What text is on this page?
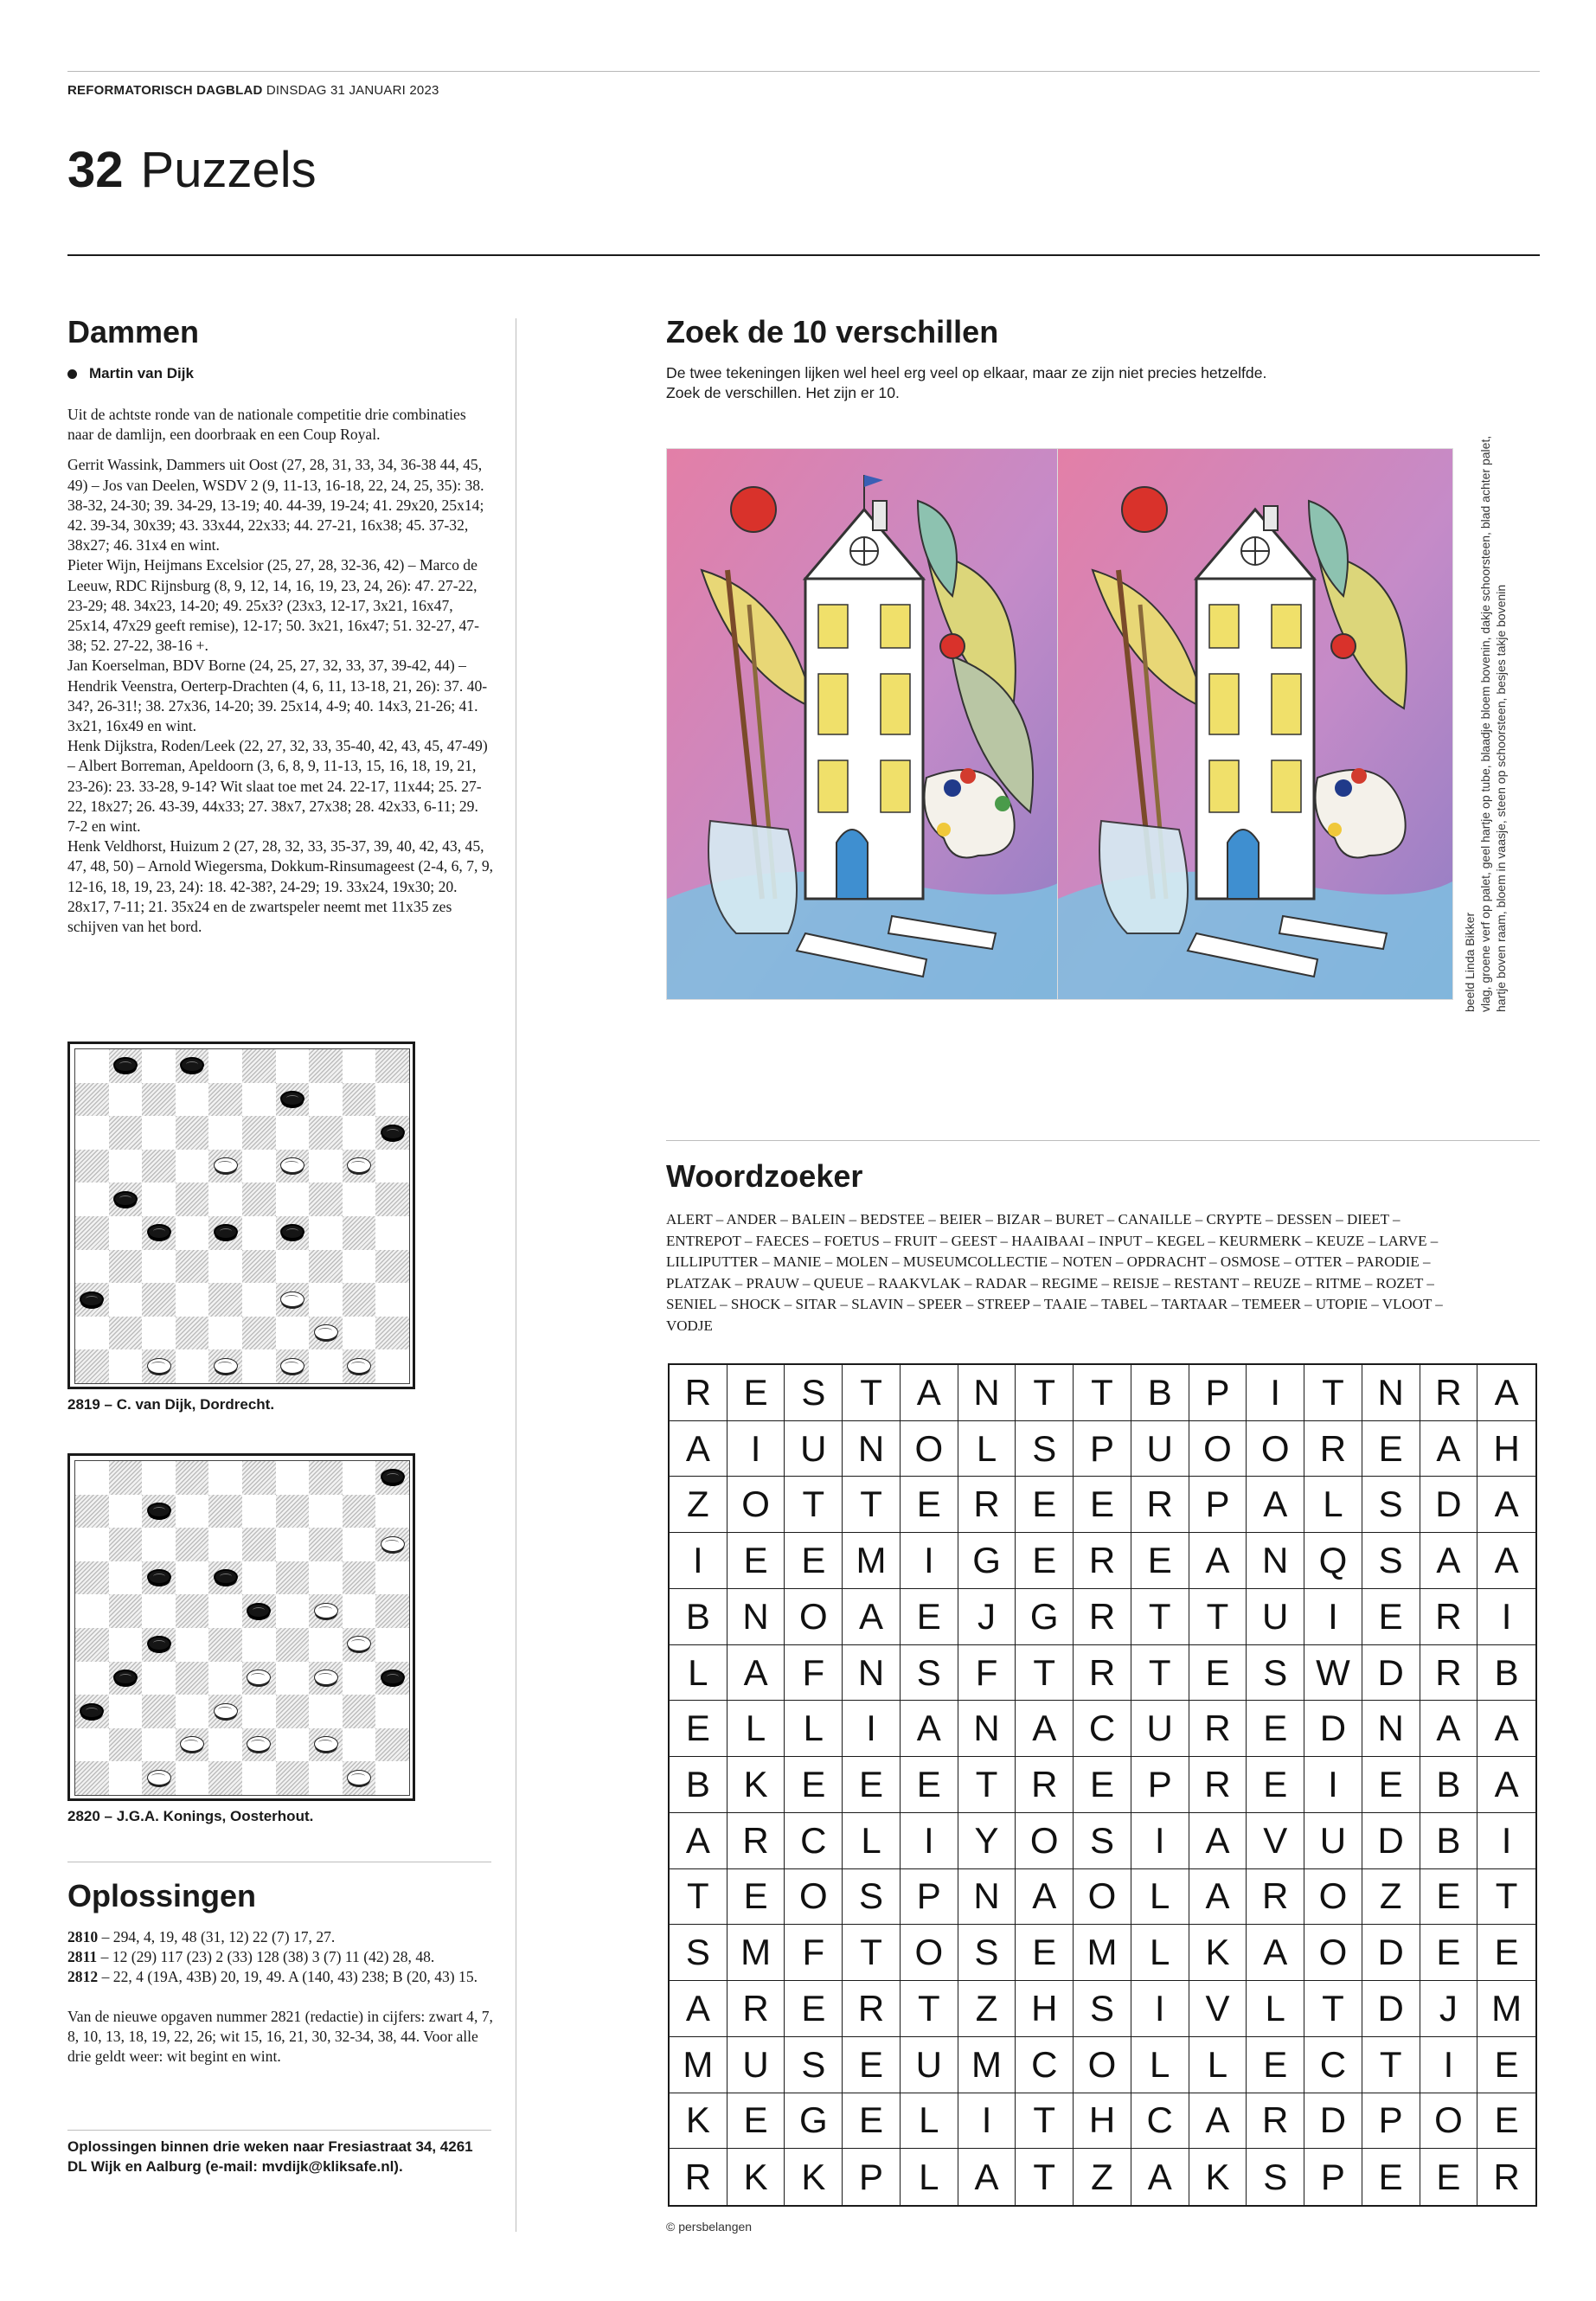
REFORMATORISCH DAGBLAD DINSDAG 31 JANUARI 2023
32 Puzzels
Dammen
Martin van Dijk

Uit de achtste ronde van de nationale competitie drie combinaties naar de damlijn, een doorbraak en een Coup Royal.

Gerrit Wassink, Dammers uit Oost (27, 28, 31, 33, 34, 36-38 44, 45, 49) – Jos van Deelen, WSDV 2 (9, 11-13, 16-18, 22, 24, 25, 35): 38. 38-32, 24-30; 39. 34-29, 13-19; 40. 44-39, 19-24; 41. 29x20, 25x14; 42. 39-34, 30x39; 43. 33x44, 22x33; 44. 27-21, 16x38; 45. 37-32, 38x27; 46. 31x4 en wint.
Pieter Wijn, Heijmans Excelsior (25, 27, 28, 32-36, 42) – Marco de Leeuw, RDC Rijnsburg (8, 9, 12, 14, 16, 19, 23, 24, 26): 47. 27-22, 23-29; 48. 34x23, 14-20; 49. 25x3? (23x3, 12-17, 3x21, 16x47, 25x14, 47x29 geeft remise), 12-17; 50. 3x21, 16x47; 51. 32-27, 47-38; 52. 27-22, 38-16 +.
Jan Koerselman, BDV Borne (24, 25, 27, 32, 33, 37, 39-42, 44) – Hendrik Veenstra, Oerterp-Drachten (4, 6, 11, 13-18, 21, 26): 37. 40-34?, 26-31!; 38. 27x36, 14-20; 39. 25x14, 4-9; 40. 14x3, 21-26; 41. 3x21, 16x49 en wint.
Henk Dijkstra, Roden/Leek (22, 27, 32, 33, 35-40, 42, 43, 45, 47-49) – Albert Borreman, Apeldoorn (3, 6, 8, 9, 11-13, 15, 16, 18, 19, 21, 23-26): 23. 33-28, 9-14? Wit slaat toe met 24. 22-17, 11x44; 25. 27-22, 18x27; 26. 43-39, 44x33; 27. 38x7, 27x38; 28. 42x33, 6-11; 29. 7-2 en wint.
Henk Veldhorst, Huizum 2 (27, 28, 32, 33, 35-37, 39, 40, 42, 43, 45, 47, 48, 50) – Arnold Wiegersma, Dokkum-Rinsumageest (2-4, 6, 7, 9, 12-16, 18, 19, 23, 24): 18. 42-38?, 24-29; 19. 33x24, 19x30; 20. 28x17, 7-11; 21. 35x24 en de zwartspeler neemt met 11x35 zes schijven van het bord.
2819 – C. van Dijk, Dordrecht.
2820 – J.G.A. Konings, Oosterhout.
Oplossingen

2810 – 294, 4, 19, 48 (31, 12) 22 (7) 17, 27.

2811 – 12 (29) 117 (23) 2 (33) 128 (38) 3 (7) 11 (42) 28, 48.

2812 – 22, 4 (19A, 43B) 20, 19, 49. A (140, 43) 238; B (20, 43) 15.

Van de nieuwe opgaven nummer 2821 (redactie) in cijfers: zwart 4, 7, 8, 10, 13, 18, 19, 22, 26; wit 15, 16, 21, 30, 32-34, 38, 44. Voor alle drie geldt weer: wit begint en wint.

Oplossingen binnen drie weken naar Fresiastraat 34, 4261 DL Wijk en Aalburg (e-mail: mvdijk@kliksafe.nl).
Zoek de 10 verschillen
De twee tekeningen lijken wel heel erg veel op elkaar, maar ze zijn niet precies hetzelfde.
Zoek de verschillen. Het zijn er 10.
beeld Linda Bikker vlag, groene verf op palet, geel hartje op tube, blaadje bloem bovenin, dakje schoorsteen, blad achter palet, hartje boven raam, bloem in vaasje, steen op schoorsteen, besjes takje bovenin
Woordzoeker
ALERT – ANDER – BALEIN – BEDSTEE – BEIER – BIZAR – BURET – CANAILLE – CRYPTE – DESSEN – DIEET – ENTREPOT – FAECES – FOETUS – FRUIT – GEEST – HAAIBAAI – INPUT – KEGEL – KEURMERK – KEUZE – LARVE – LILLIPUTTER – MANIE – MOLEN – MUSEUMCOLLECTIE – NOTEN – OPDRACHT – OSMOSE – OTTER – PARODIE – PLATZAK – PRAUW – QUEUE – RAAKVLAK – RADAR – REGIME – REISJE – RESTANT – REUZE – RITME – ROZET – SENIEL – SHOCK – SITAR – SLAVIN – SPEER – STREEP – TAAIE – TABEL – TARTAAR – TEMEER – UTOPIE – VLOOT – VODJE
R E S T A N T T B P	I	T N R A
A	I	U N O L S P U O O R E A H
Z O T T E R E E R P A L S D A
I	E E M	I	G E R E A N Q S A A
B N O A E	J G R T T U	I	E R	I
L A F N S F T R T E S W D R B
E L	L	I	A N A C U R E D N A A
B K E E E T R E P R E	I	E B A
A R C L	I	Y O S	I	A V U D B	I
T E O S P N A O L A R O Z E T
S M F T O S E M L K A O D E E
A R E R T Z H S	I	V L	T D J M
M U S E U M C O L	L E C T	I	E
K E G E L	I	T H C A R D P O E
R K K P L A T Z A K S P E E R
© persbelangen
